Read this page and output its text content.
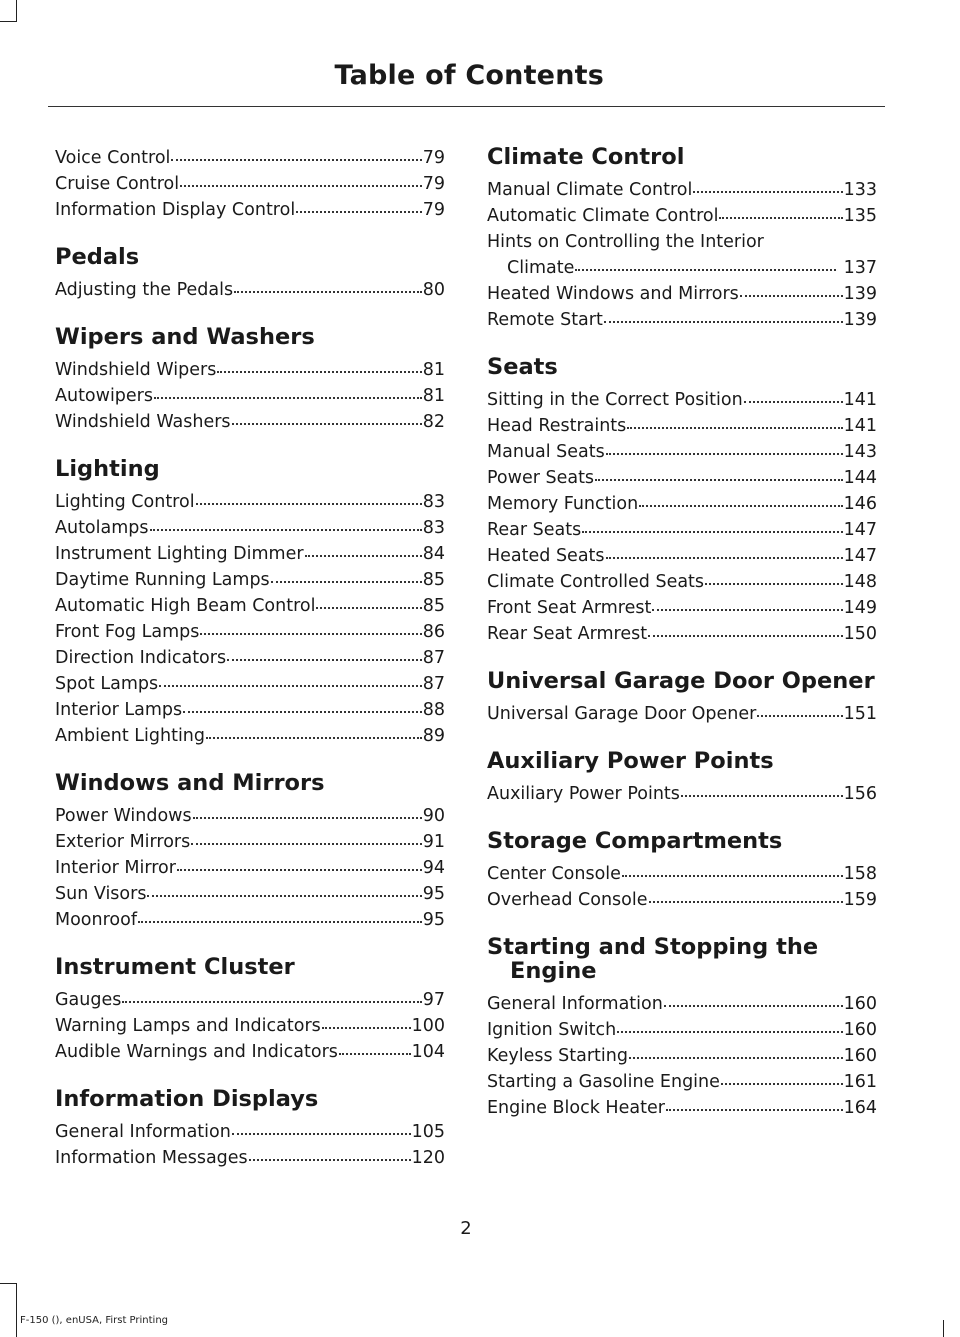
Table of Contents
Voice Control	79
Cruise Control	79
Information Display Control	79
Pedals
Adjusting the Pedals	80
Wipers and Washers
Windshield Wipers	81
Autowipers	81
Windshield Washers	82
Lighting
Lighting Control	83
Autolamps	83
Instrument Lighting Dimmer	84
Daytime Running Lamps	85
Automatic High Beam Control	85
Front Fog Lamps	86
Direction Indicators	87
Spot Lamps	87
Interior Lamps	88
Ambient Lighting	89
Windows and Mirrors
Power Windows	90
Exterior Mirrors	91
Interior Mirror	94
Sun Visors	95
Moonroof	95
Instrument Cluster
Gauges	97
Warning Lamps and Indicators	100
Audible Warnings and Indicators	104
Information Displays
General Information	105
Information Messages	120
Climate Control
Manual Climate Control	133
Automatic Climate Control	135
Hints on Controlling the Interior
Climate	137
Heated Windows and Mirrors	139
Remote Start	139
Seats
Sitting in the Correct Position	141
Head Restraints	141
Manual Seats	143
Power Seats	144
Memory Function	146
Rear Seats	147
Heated Seats	147
Climate Controlled Seats	148
Front Seat Armrest	149
Rear Seat Armrest	150
Universal Garage Door Opener
Universal Garage Door Opener	151
Auxiliary Power Points
Auxiliary Power Points	156
Storage Compartments
Center Console	158
Overhead Console	159
Starting and Stopping the Engine
General Information	160
Ignition Switch	160
Keyless Starting	160
Starting a Gasoline Engine	161
Engine Block Heater	164
2
F-150 (), enUSA, First Printing
